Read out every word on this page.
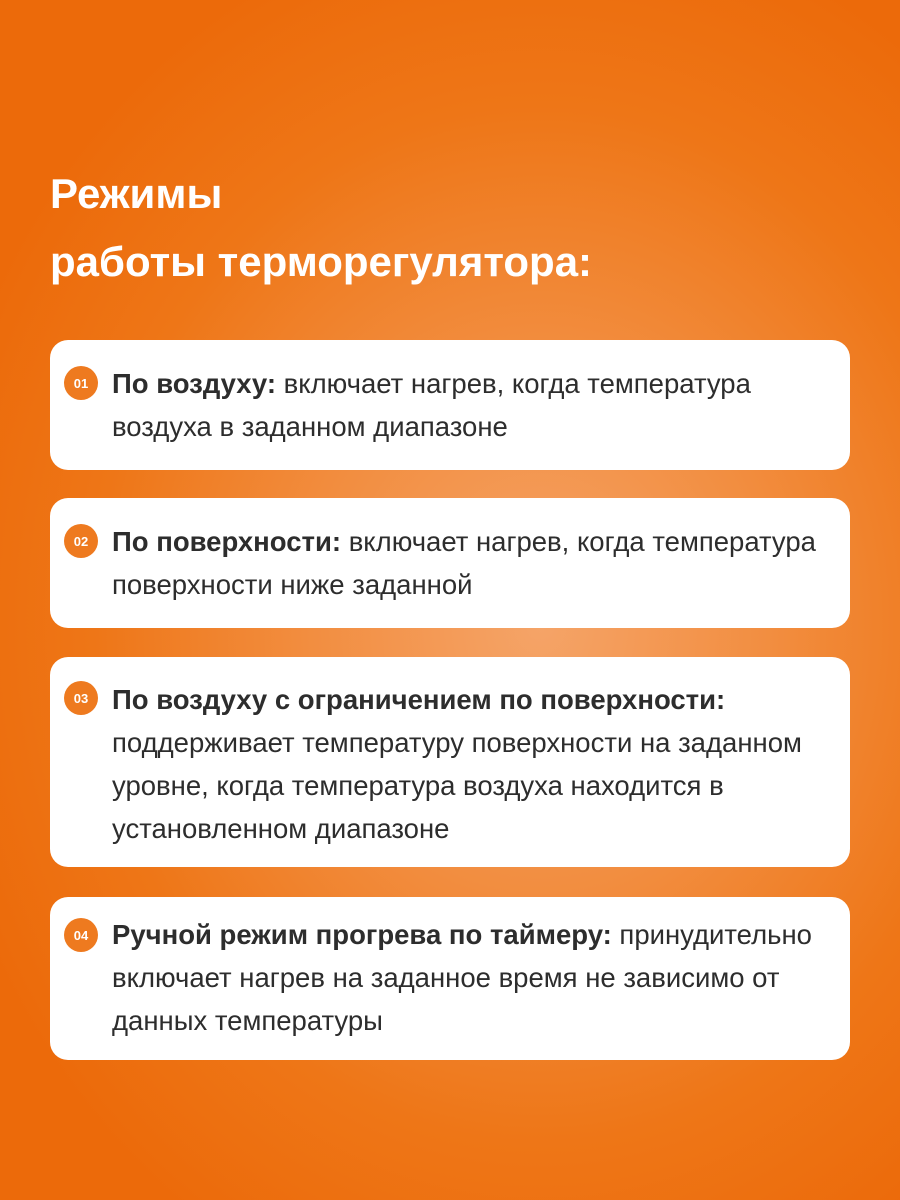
Режимы
работы терморегулятора:
01 По воздуху: включает нагрев, когда температура воздуха в заданном диапазоне
02 По поверхности: включает нагрев, когда температура поверхности ниже заданной
03 По воздуху с ограничением по поверхности: поддерживает температуру поверхности на заданном уровне, когда температура воздуха находится в установленном диапазоне
04 Ручной режим прогрева по таймеру: принудительно включает нагрев на заданное время не зависимо от данных температуры
